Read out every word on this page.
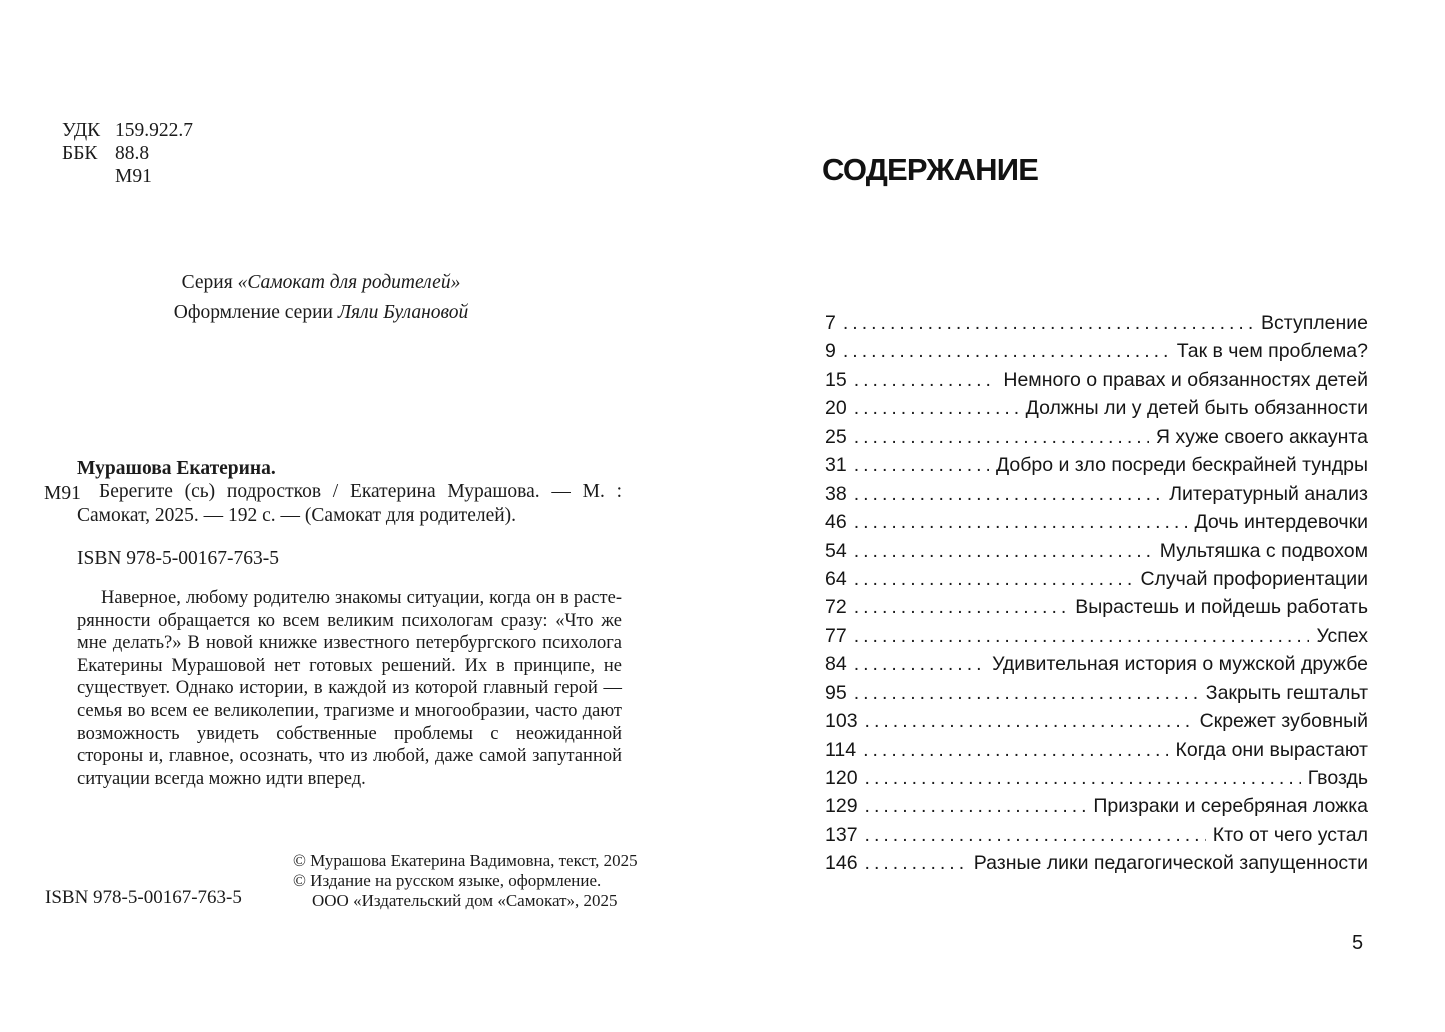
УДК 159.922.7
ББК 88.8
М91
Серия «Самокат для родителей»
Оформление серии Ляли Булановой
Мурашова Екатерина.
М91 Берегите (сь) подростков / Екатерина Мурашова. — М. : Самокат, 2025. — 192 с. — (Самокат для родителей).
ISBN 978-5-00167-763-5
Наверное, любому родителю знакомы ситуации, когда он в растерянности обращается ко всем великим психологам сразу: «Что же мне делать?» В новой книжке известного петербургского психолога Екатерины Мурашовой нет готовых решений. Их в принципе, не существует. Однако истории, в каждой из которой главный герой — семья во всем ее великолепии, трагизме и многообразии, часто дают возможность увидеть собственные проблемы с неожиданной стороны и, главное, осознать, что из любой, даже самой запутанной ситуации всегда можно идти вперед.
© Мурашова Екатерина Вадимовна, текст, 2025
© Издание на русском языке, оформление.
ООО «Издательский дом «Самокат», 2025
ISBN 978-5-00167-763-5
СОДЕРЖАНИЕ
7 .....	Вступление
9 .....	Так в чем проблема?
15 .....	Немного о правах и обязанностях детей
20 .....	Должны ли у детей быть обязанности
25 .....	Я хуже своего аккаунта
31 .....	Добро и зло посреди бескрайней тундры
38 .....	Литературный анализ
46 .....	Дочь интердевочки
54 .....	Мультяшка с подвохом
64 .....	Случай профориентации
72 .....	Вырастешь и пойдешь работать
77 .....	Успех
84 .....	Удивительная история о мужской дружбе
95 .....	Закрыть гештальт
103 .....	Скрежет зубовный
114 .....	Когда они вырастают
120 .....	Гвоздь
129 .....	Призраки и серебряная ложка
137 .....	Кто от чего устал
146 .....	Разные лики педагогической запущенности
5
